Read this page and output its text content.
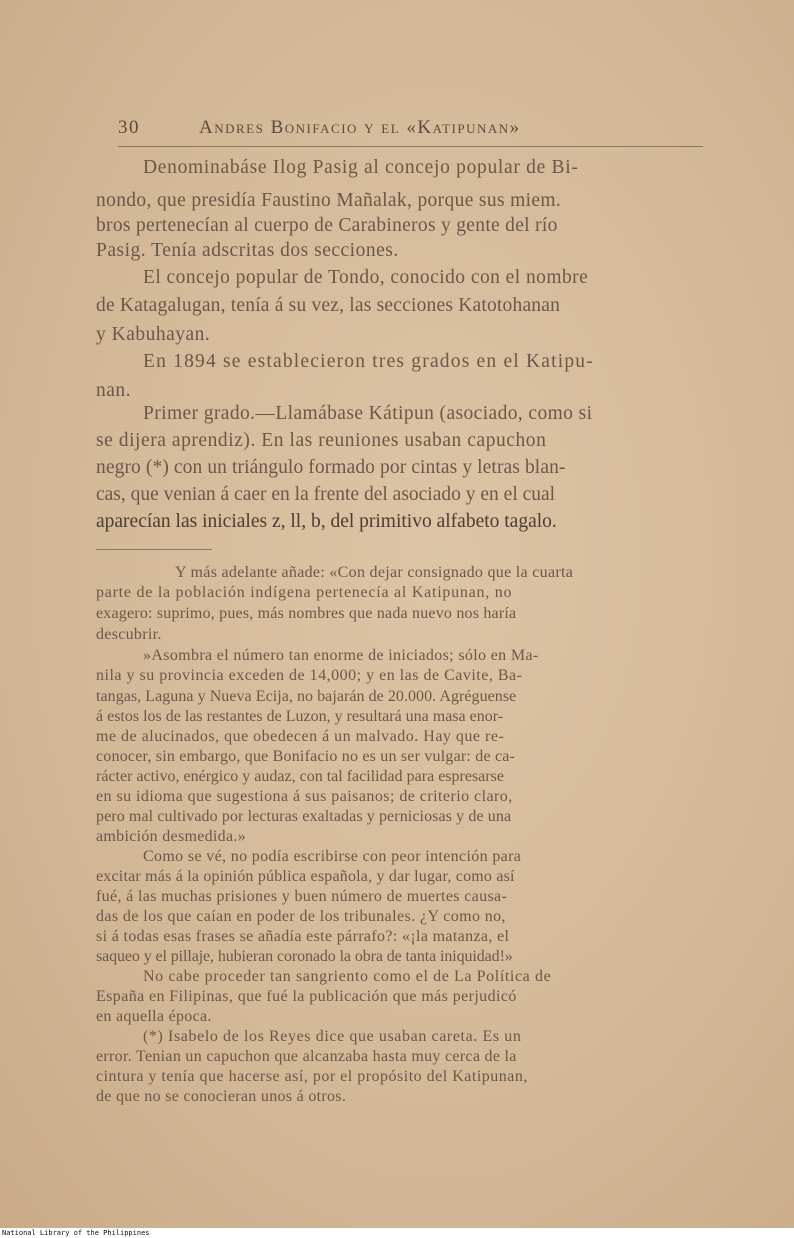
30	Andres Bonifacio y el «Katipunan»
Denominabáse Ilog Pasig al concejo popular de Bi-
nondo, que presidía Faustino Mañalak, porque sus miem.
bros pertenecían al cuerpo de Carabineros y gente del río
Pasig. Tenía adscritas dos secciones.
El concejo popular de Tondo, conocido con el nombre
de Katagalugan, tenía á su vez, las secciones Katotohanan
y Kabuhayan.
En 1894 se establecieron tres grados en el Katipu-
nan.
Primer grado.—Llamábase Kátipun (asociado, como si
se dijera aprendiz). En las reuniones usaban capuchon
negro (*) con un triángulo formado por cintas y letras blan-
cas, que venian á caer en la frente del asociado y en el cual
aparecían las iniciales z, ll, b, del primitivo alfabeto tagalo.
Y más adelante añade: «Con dejar consignado que la cuarta
parte de la población indígena pertenecía al Katipunan, no
exagero: suprimo, pues, más nombres que nada nuevo nos haría
descubrir.
»Asombra el número tan enorme de iniciados; sólo en Ma-
nila y su provincia exceden de 14,000; y en las de Cavite, Ba-
tangas, Laguna y Nueva Ecija, no bajarán de 20.000. Agréguense
á estos los de las restantes de Luzon, y resultará una masa enor-
me de alucinados, que obedecen á un malvado. Hay que re-
conocer, sin embargo, que Bonifacio no es un ser vulgar: de ca-
rácter activo, enérgico y audaz, con tal facilidad para espresarse
en su idioma que sugestiona á sus paisanos; de criterio claro,
pero mal cultivado por lecturas exaltadas y perniciosas y de una
ambición desmedida.»
Como se vé, no podía escribirse con peor intención para
excitar más á la opinión pública española, y dar lugar, como así
fué, á las muchas prisiones y buen número de muertes causa-
das de los que caían en poder de los tribunales. ¿Y como no,
si á todas esas frases se añadía este párrafo?: «¡la matanza, el
saqueo y el pillaje, hubieran coronado la obra de tanta iniquidad!»
No cabe proceder tan sangriento como el de La Política de
España en Filipinas, que fué la publicación que más perjudicó
en aquella época.
(*) Isabelo de los Reyes dice que usaban careta. Es un
error. Tenian un capuchon que alcanzaba hasta muy cerca de la
cintura y tenía que hacerse así, por el propósito del Katipunan,
de que no se conocieran unos á otros.
National Library of the Philippines
